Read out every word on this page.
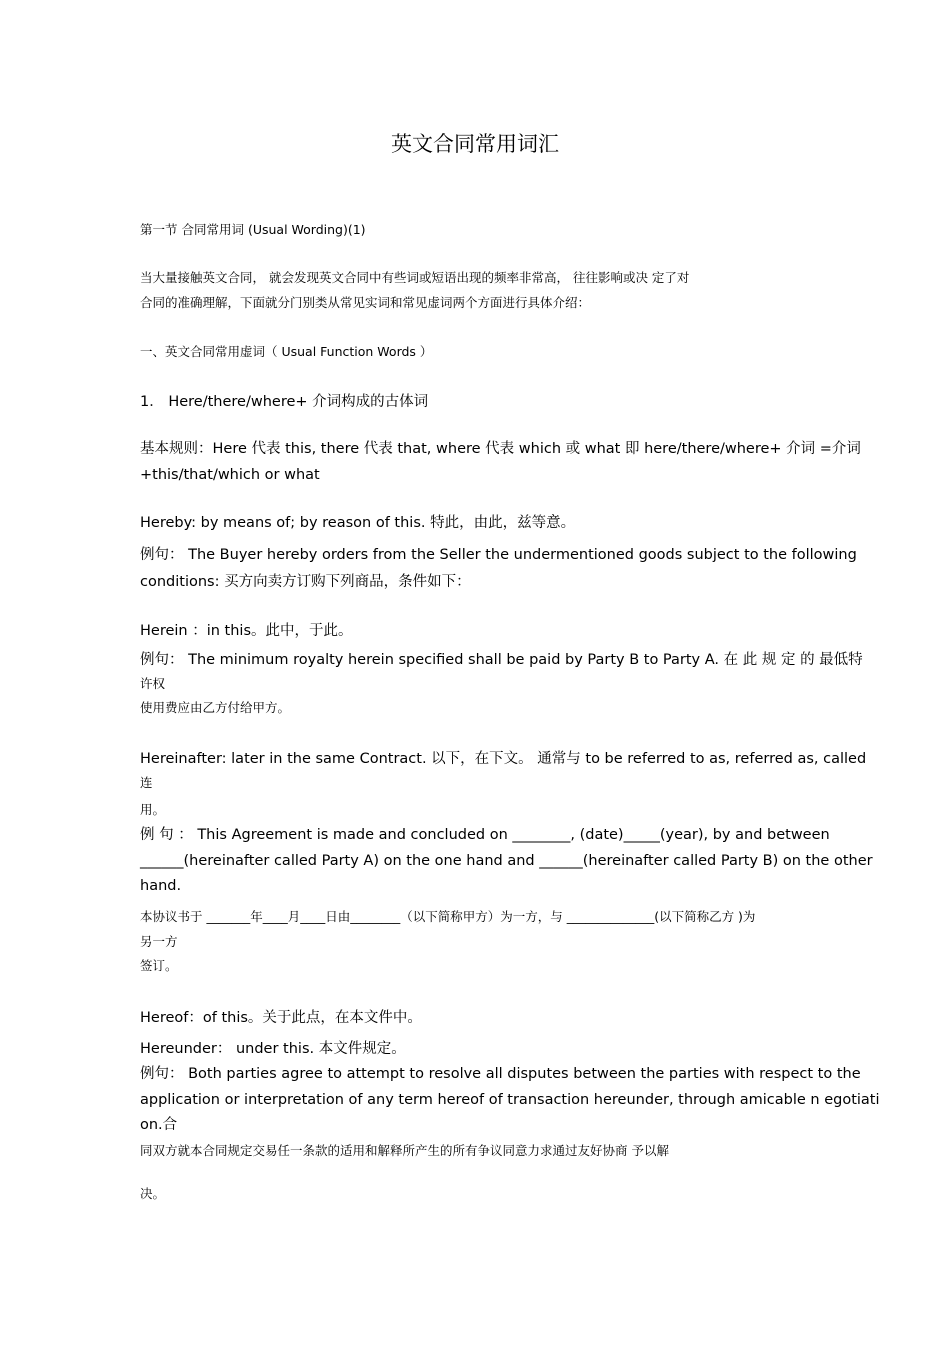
英文合同常用词汇
第一节 合同常用词 (Usual Wording)(1)
当大量接触英文合同， 就会发现英文合同中有些词或短语出现的频率非常高， 往往影响或决 定了对
合同的准确理解，下面就分门别类从常见实词和常见虚词两个方面进行具体介绍：
一、英文合同常用虚词（ Usual Function Words ）
1． Here/there/where+ 介词构成的古体词
基本规则：Here 代表 this, there 代表 that, where 代表 which 或 what 即 here/there/where+ 介词 =介词
+this/that/which or what
Hereby: by means of; by reason of this. 特此，由此，兹等意。
例句： The Buyer hereby orders from the Seller the undermentioned goods subject to the following
conditions: 买方向卖方订购下列商品，条件如下：
Herein ：in this。此中，于此。
例句： The minimum royalty herein specified shall be paid by Party B to Party A. 在 此 规 定 的 最低特
许权
使用费应由乙方付给甲方。
Hereinafter: later in the same Contract. 以下，在下文。 通常与 to be referred to as, referred as, called
连
用。
例 句 ： This Agreement is made and concluded on ________, (date)_____(year), by and between
______(hereinafter called Party A) on the one hand and ______(hereinafter called Party B) on the other
hand.
本协议书于 _______年____月____日由________（以下简称甲方）为一方，与 ______________(以下简称乙方 )为
另一方
签订。
Hereof：of this。关于此点，在本文件中。
Hereunder： under this. 本文件规定。
例句： Both parties agree to attempt to resolve all disputes between the parties with respect to the
application or interpretation of any term hereof of transaction hereunder, through amicable n egotiati
on.合
同双方就本合同规定交易任一条款的适用和解释所产生的所有争议同意力求通过友好协商 予以解
决。
